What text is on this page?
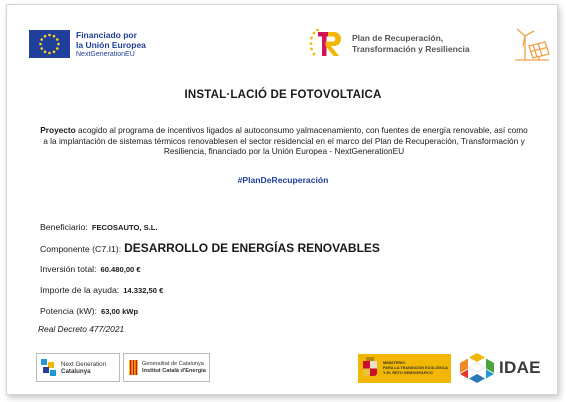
Financiado por
la Unión Europea
NextGenerationEU
Plan de Recuperación,
Transformación y Resiliencia
INSTAL·LACIÓ DE FOTOVOLTAICA

Proyecto acogido al programa de incentivos ligados al autoconsumo yalmacenamiento, con fuentes de energía renovable, así como a la implantación de sistemas térmicos renovablesen el sector residencial en el marco del Plan de Recuperación, Transformación y Resiliencia, financiado por la Unión Europea - NextGenerationEU

#PlanDeRecuperación
Beneficiario: FECOSAUTO, S.L.
Componente (C7.I1): DESARROLLO DE ENERGÍAS RENOVABLES
Inversión total: 60.480,00 €
Importe de la ayuda: 14.332,50 €
Potencia (kW): 63,00 kWp
Real Decreto 477/2021
Next Generation
Catalunya
Generalitat de Catalunya
Institut Català d'Energia
MINISTERIO
PARA LA TRANSICIÓN ECOLÓGICA
Y EL RETO DEMOGRÁFICO	IDAE
